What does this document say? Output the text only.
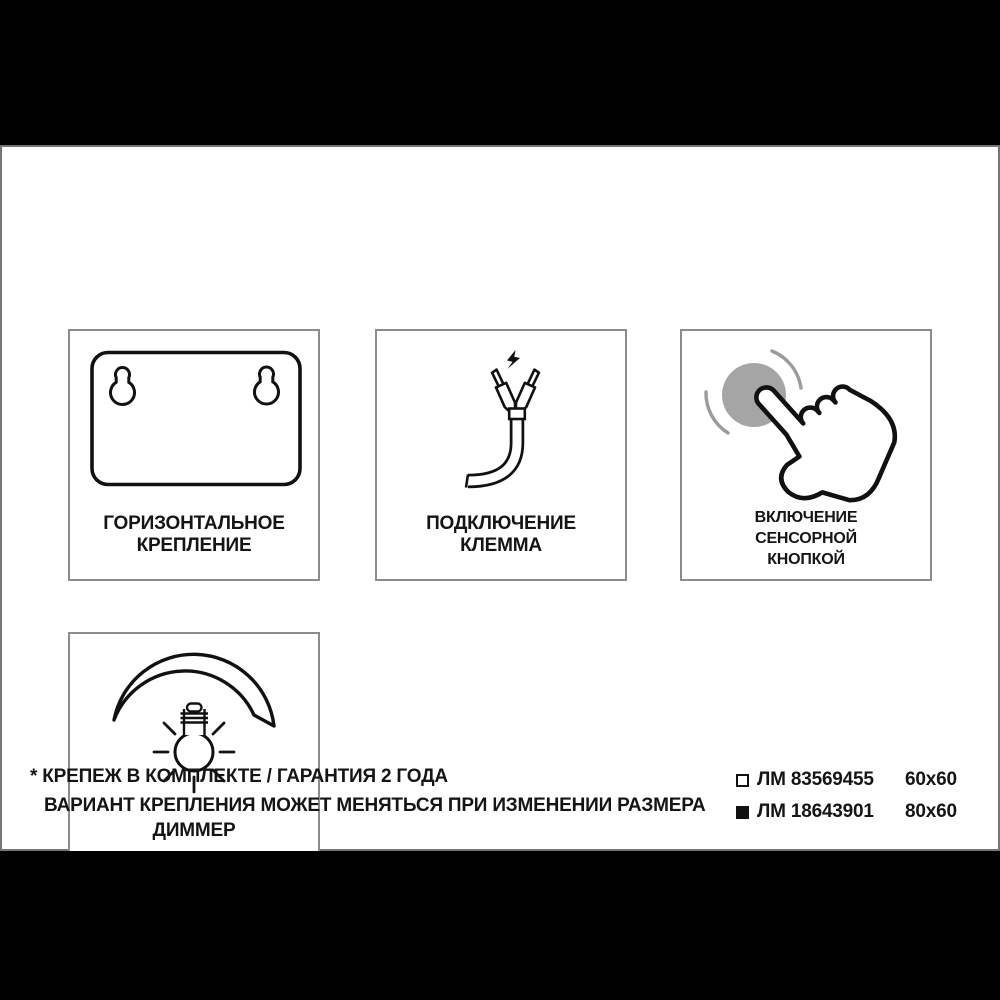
ГОРИЗОНТАЛЬНОЕ
КРЕПЛЕНИЕ
ПОДКЛЮЧЕНИЕ
КЛЕММА
ВКЛЮЧЕНИЕ
СЕНСОРНОЙ
КНОПКОЙ
ДИММЕР
* КРЕПЕЖ В КОМПЛЕКТЕ / ГАРАНТИЯ 2 ГОДА
ВАРИАНТ КРЕПЛЕНИЯ МОЖЕТ МЕНЯТЬСЯ ПРИ ИЗМЕНЕНИИ РАЗМЕРА
ЛМ 83569455 60x60
ЛМ 18643901 80x60
